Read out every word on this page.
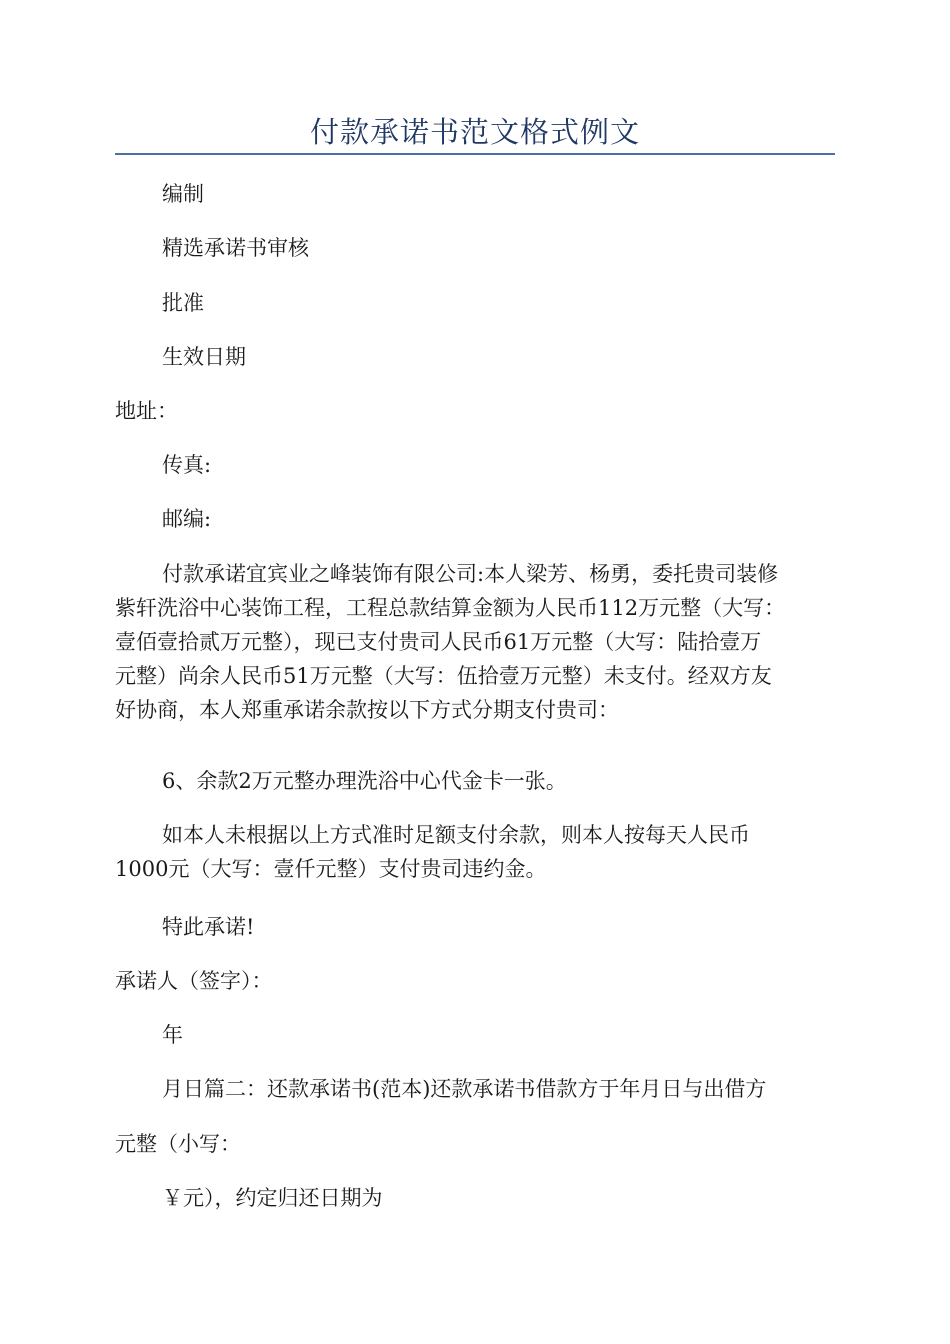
付款承诺书范文格式例文
编制
精选承诺书审核
批准
生效日期
地址：
传真:
邮编:
付款承诺宜宾业之峰装饰有限公司:本人梁芳、杨勇，委托贵司装修
紫轩洗浴中心装饰工程，工程总款结算金额为人民币112万元整（大写：
壹佰壹拾贰万元整），现已支付贵司人民币61万元整（大写：陆拾壹万
元整）尚余人民币51万元整（大写：伍拾壹万元整）未支付。经双方友
好协商，本人郑重承诺余款按以下方式分期支付贵司：
6、余款2万元整办理洗浴中心代金卡一张。
如本人未根据以上方式准时足额支付余款，则本人按每天人民币
1000元（大写：壹仟元整）支付贵司违约金。
特此承诺!
承诺人（签字）：
年
月日篇二：还款承诺书(范本)还款承诺书借款方于年月日与出借方
元整（小写：
￥元），约定归还日期为
